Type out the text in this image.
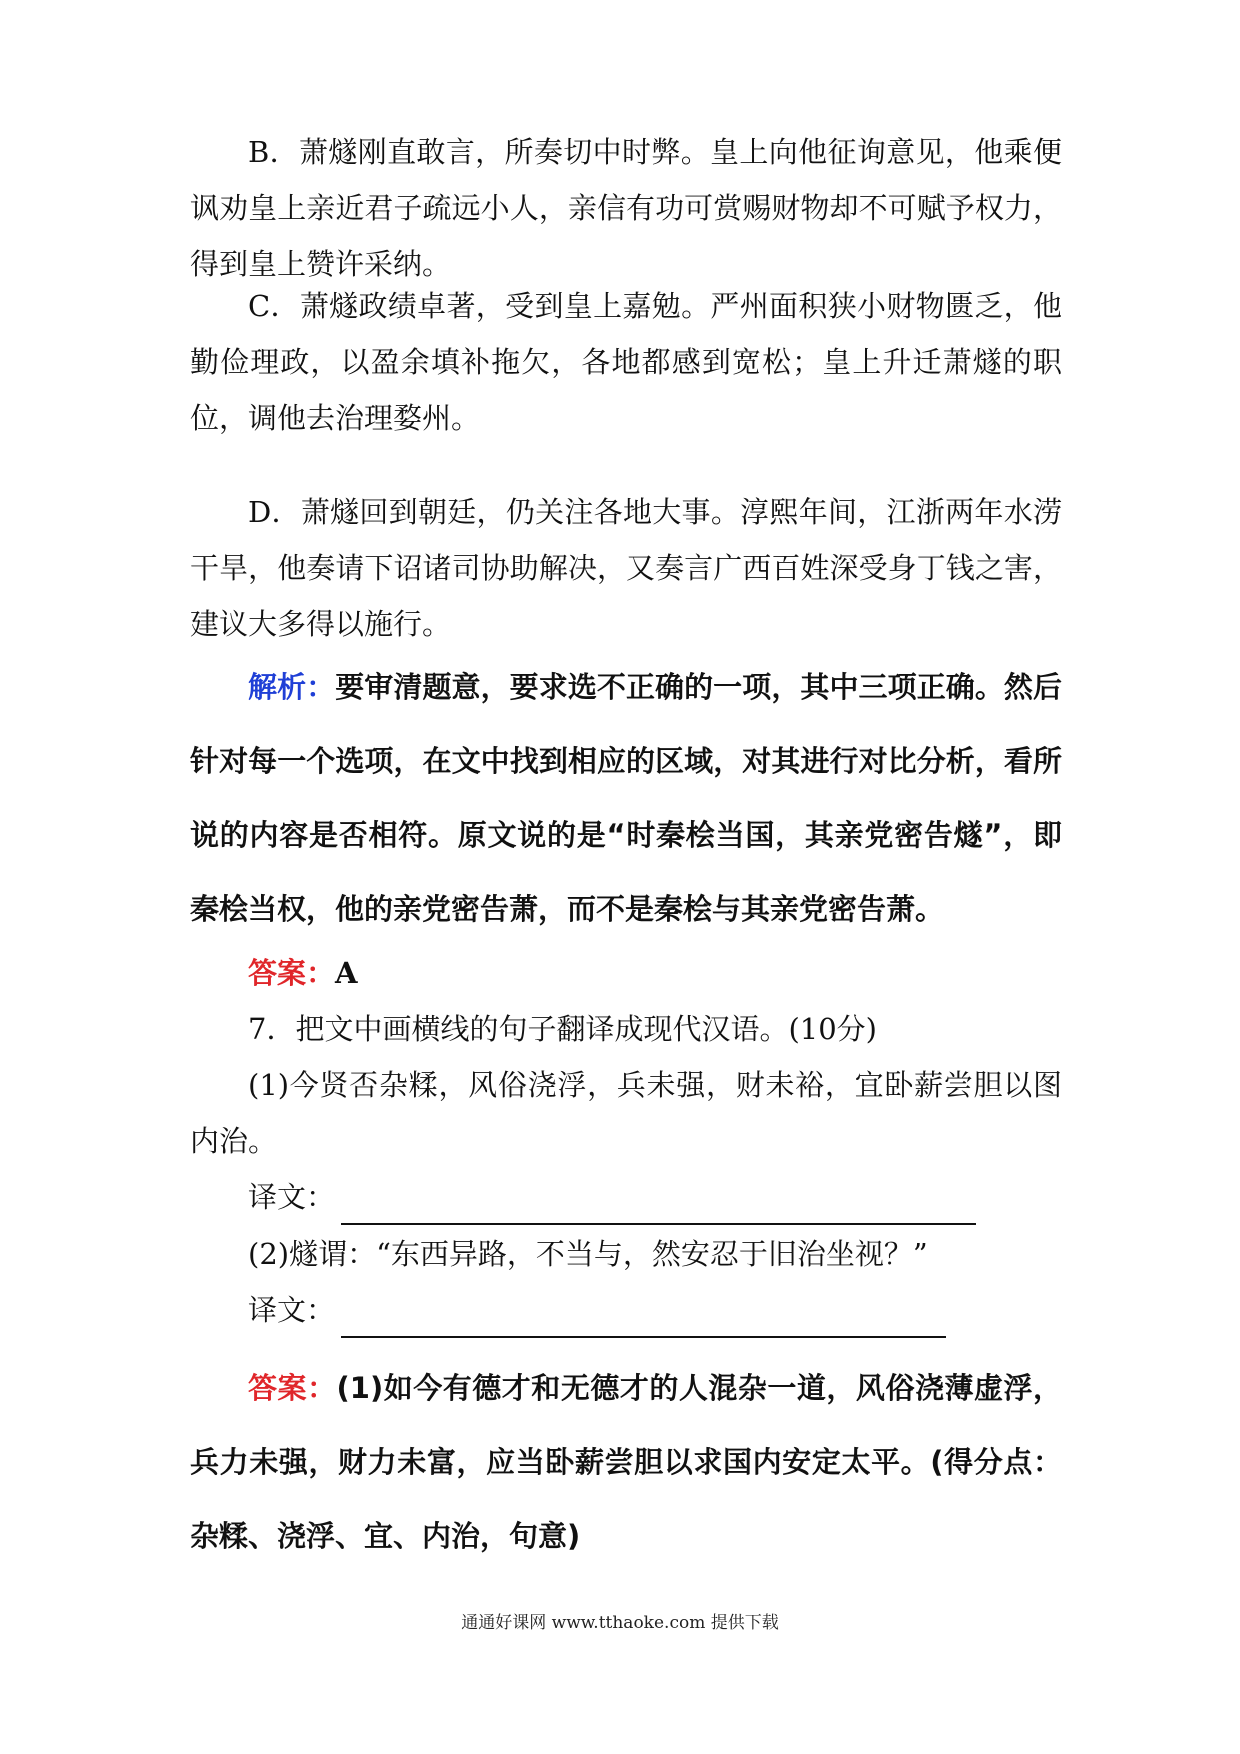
B．萧燧刚直敢言，所奏切中时弊。皇上向他征询意见，他乘便讽劝皇上亲近君子疏远小人，亲信有功可赏赐财物却不可赋予权力，得到皇上赞许采纳。
C．萧燧政绩卓著，受到皇上嘉勉。严州面积狭小财物匮乏，他勤俭理政，以盈余填补拖欠，各地都感到宽松；皇上升迁萧燧的职位，调他去治理婺州。
D．萧燧回到朝廷，仍关注各地大事。淳熙年间，江浙两年水涝干旱，他奏请下诏诸司协助解决，又奏言广西百姓深受身丁钱之害，建议大多得以施行。
解析：要审清题意，要求选不正确的一项，其中三项正确。然后针对每一个选项，在文中找到相应的区域，对其进行对比分析，看所说的内容是否相符。原文说的是“时秦桧当国，其亲党密告燧”，即秦桧当权，他的亲党密告萧，而不是秦桧与其亲党密告萧。
答案：A
7．把文中画横线的句子翻译成现代汉语。(10分)
(1)今贤否杂糅，风俗浇浮，兵未强，财未裕，宜卧薪尝胆以图内治。
译文：
(2)燧谓：“东西异路，不当与，然安忍于旧治坐视？”
译文：
答案：(1)如今有德才和无德才的人混杂一道，风俗浇薄虚浮，兵力未强，财力未富，应当卧薪尝胆以求国内安定太平。(得分点：杂糅、浇浮、宜、内治，句意)
通通好课网 www.tthaoke.com 提供下载
